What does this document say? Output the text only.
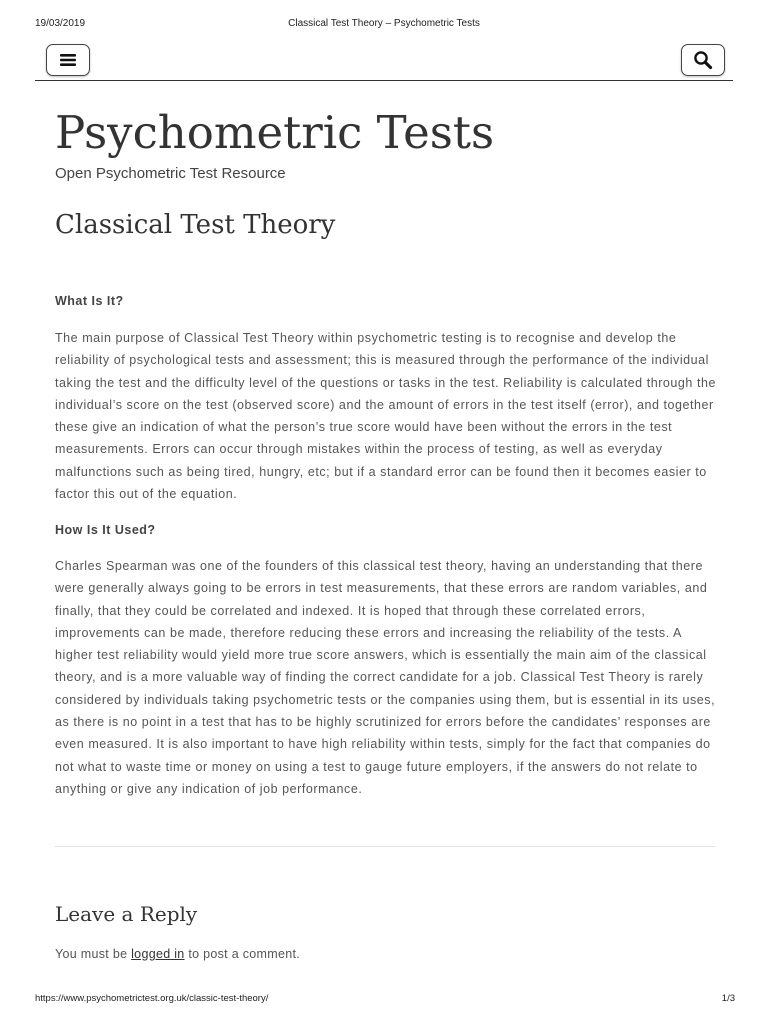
19/03/2019	Classical Test Theory – Psychometric Tests
Psychometric Tests

Open Psychometric Test Resource

Classical Test Theory
What Is It?

The main purpose of Classical Test Theory within psychometric testing is to recognise and develop the reliability of psychological tests and assessment; this is measured through the performance of the individual taking the test and the difficulty level of the questions or tasks in the test. Reliability is calculated through the individual’s score on the test (observed score) and the amount of errors in the test itself (error), and together these give an indication of what the person’s true score would have been without the errors in the test measurements. Errors can occur through mistakes within the process of testing, as well as everyday malfunctions such as being tired, hungry, etc; but if a standard error can be found then it becomes easier to factor this out of the equation.

How Is It Used?

Charles Spearman was one of the founders of this classical test theory, having an understanding that there were generally always going to be errors in test measurements, that these errors are random variables, and finally, that they could be correlated and indexed. It is hoped that through these correlated errors, improvements can be made, therefore reducing these errors and increasing the reliability of the tests. A higher test reliability would yield more true score answers, which is essentially the main aim of the classical theory, and is a more valuable way of finding the correct candidate for a job. Classical Test Theory is rarely considered by individuals taking psychometric tests or the companies using them, but is essential in its uses, as there is no point in a test that has to be highly scrutinized for errors before the candidates’ responses are even measured. It is also important to have high reliability within tests, simply for the fact that companies do not what to waste time or money on using a test to gauge future employers, if the answers do not relate to anything or give any indication of job performance.

Leave a Reply

You must be logged in to post a comment.

https://www.psychometrictest.org.uk/classic-test-theory/	1/3
